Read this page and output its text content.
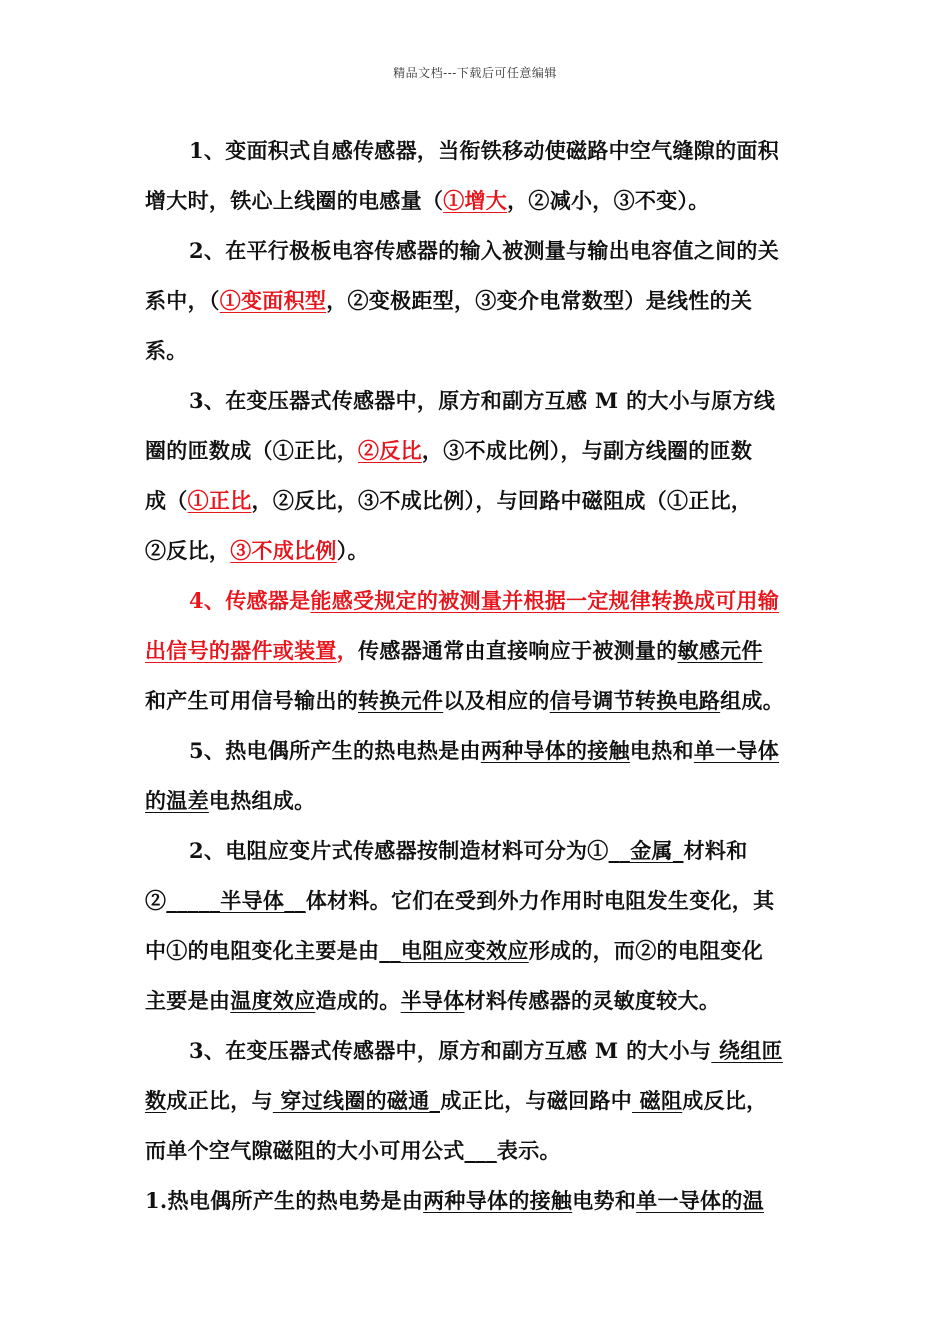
精品文档---下载后可任意编辑
1、变面积式自感传感器，当衔铁移动使磁路中空气缝隙的面积
增大时，铁心上线圈的电感量（①增大，②减小，③不变）。
2、在平行极板电容传感器的输入被测量与输出电容值之间的关
系中，（①变面积型，②变极距型，③变介电常数型）是线性的关
系。
3、在变压器式传感器中，原方和副方互感 M 的大小与原方线
圈的匝数成（①正比，②反比，③不成比例），与副方线圈的匝数
成（①正比，②反比，③不成比例），与回路中磁阻成（①正比，
②反比，③不成比例）。
4、传感器是能感受规定的被测量并根据一定规律转换成可用输
出信号的器件或装置，传感器通常由直接响应于被测量的敏感元件
和产生可用信号输出的转换元件以及相应的信号调节转换电路组成。
5、热电偶所产生的热电热是由两种导体的接触电热和单一导体
的温差电热组成。
2、电阻应变片式传感器按制造材料可分为①__金属_材料和
②_____半导体__体材料。它们在受到外力作用时电阻发生变化，其
中①的电阻变化主要是由__电阻应变效应形成的，而②的电阻变化
主要是由温度效应造成的。半导体材料传感器的灵敏度较大。
3、在变压器式传感器中，原方和副方互感 M 的大小与 绕组匝
数成正比，与 穿过线圈的磁通_成正比，与磁回路中 磁阻成反比，
而单个空气隙磁阻的大小可用公式___表示。
1.热电偶所产生的热电势是由两种导体的接触电势和单一导体的温
